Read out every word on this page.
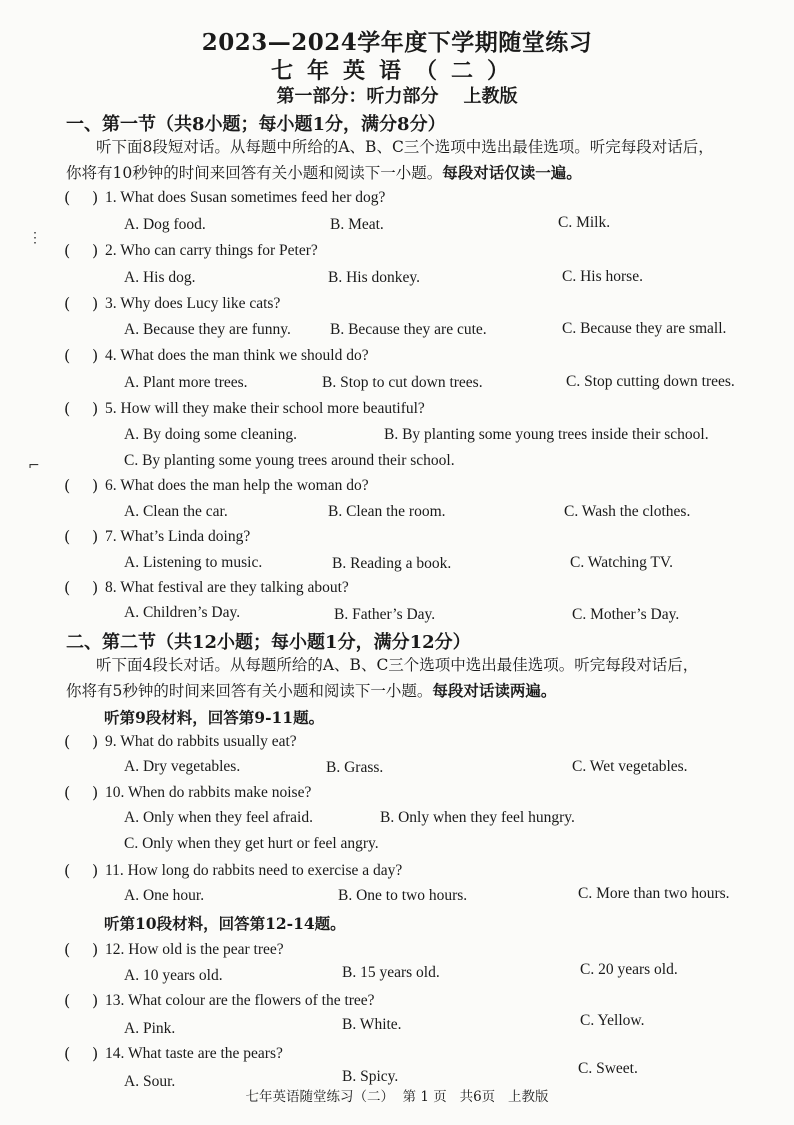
2023—2024学年度下学期随堂练习
七年英语（二）
第一部分：听力部分    上教版
⋮
⌐
一、第一节（共8小题；每小题1分，满分8分）
听下面8段短对话。从每题中所给的A、B、C三个选项中选出最佳选项。听完每段对话后，
你将有10秒钟的时间来回答有关小题和阅读下一小题。每段对话仅读一遍。
( ) 1. What does Susan sometimes feed her dog?
A. Dog food.	B. Meat.	C. Milk.
( ) 2. Who can carry things for Peter?
A. His dog.	B. His donkey.	C. His horse.
( ) 3. Why does Lucy like cats?
A. Because they are funny.	B. Because they are cute.	C. Because they are small.
( ) 4. What does the man think we should do?
A. Plant more trees.	B. Stop to cut down trees.	C. Stop cutting down trees.
( ) 5. How will they make their school more beautiful?
A. By doing some cleaning.	B. By planting some young trees inside their school.
C. By planting some young trees around their school.
( ) 6. What does the man help the woman do?
A. Clean the car.	B. Clean the room.	C. Wash the clothes.
( ) 7. What’s Linda doing?
A. Listening to music.	B. Reading a book.	C. Watching TV.
( ) 8. What festival are they talking about?
A. Children’s Day.	B. Father’s Day.	C. Mother’s Day.
二、第二节（共12小题；每小题1分，满分12分）
听下面4段长对话。从每题所给的A、B、C三个选项中选出最佳选项。听完每段对话后，
你将有5秒钟的时间来回答有关小题和阅读下一小题。每段对话读两遍。
听第9段材料，回答第9-11题。
( ) 9. What do rabbits usually eat?
A. Dry vegetables.	B. Grass.	C. Wet vegetables.
( ) 10. When do rabbits make noise?
A. Only when they feel afraid.	B. Only when they feel hungry.
C. Only when they get hurt or feel angry.
( ) 11. How long do rabbits need to exercise a day?
A. One hour.	B. One to two hours.	C. More than two hours.
听第10段材料，回答第12-14题。
( ) 12. How old is the pear tree?
A. 10 years old.	B. 15 years old.	C. 20 years old.
( ) 13. What colour are the flowers of the tree?
A. Pink.	B. White.	C. Yellow.
( ) 14. What taste are the pears?
A. Sour.	B. Spicy.	C. Sweet.
七年英语随堂练习（二）  第 1 页   共6页   上教版
